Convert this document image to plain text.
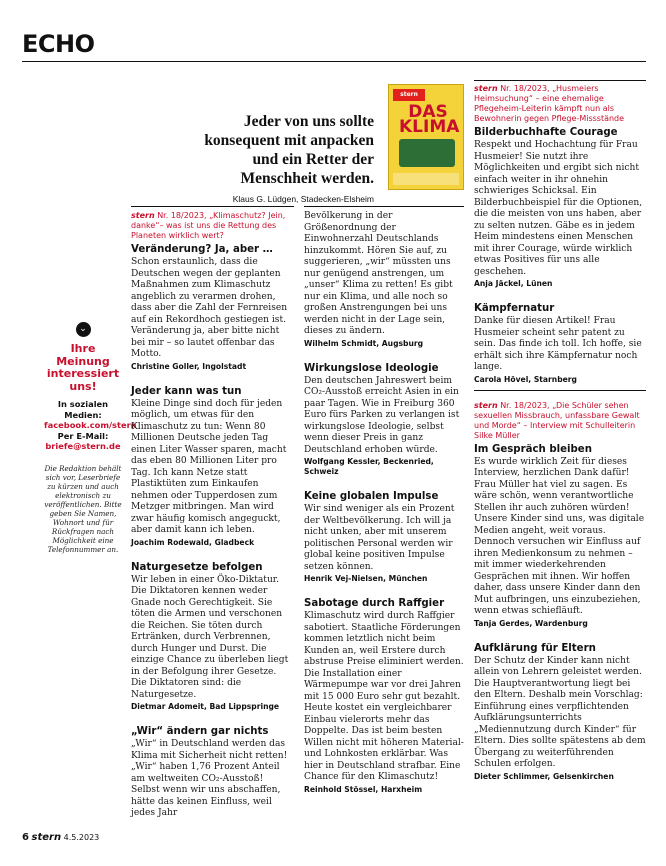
ECHO
Jeder von uns sollte konsequent mit anpacken und ein Retter der Menschheit werden.
Klaus G. Lüdgen, Stadecken-Elsheim
stern
DAS KLIMA
⌄
Ihre Meinung interessiert uns!
In sozialen Medien:
facebook.com/stern
Per E-Mail:
briefe@stern.de
Die Redaktion behält sich vor, Leserbriefe zu kürzen und auch elektronisch zu veröffentlichen. Bitte geben Sie Namen, Wohnort und für Rückfragen nach Möglichkeit eine Telefonnummer an.
stern Nr. 18/2023, „Klimaschutz? Jein, danke“– was ist uns die Rettung des Planeten wirklich wert?
Veränderung? Ja, aber …

Schon erstaunlich, dass die Deutschen wegen der geplanten Maßnahmen zum Klimaschutz angeblich zu verarmen drohen, dass aber die Zahl der Fernreisen auf ein Rekordhoch gestiegen ist. Veränderung ja, aber bitte nicht bei mir – so lautet offenbar das Motto.

Christine Goller, Ingolstadt
Jeder kann was tun

Kleine Dinge sind doch für jeden möglich, um etwas für den Klimaschutz zu tun: Wenn 80 Millionen Deutsche jeden Tag einen Liter Wasser sparen, macht das eben 80 Millionen Liter pro Tag. Ich kann Netze statt Plastiktüten zum Einkaufen nehmen oder Tupperdosen zum Metzger mitbringen. Man wird zwar häufig komisch angeguckt, aber damit kann ich leben.

Joachim Rodewald, Gladbeck
Naturgesetze befolgen

Wir leben in einer Öko-Diktatur. Die Diktatoren kennen weder Gnade noch Gerechtigkeit. Sie töten die Armen und verschonen die Reichen. Sie töten durch Ertränken, durch Verbrennen, durch Hunger und Durst. Die einzige Chance zu überleben liegt in der Befolgung ihrer Gesetze. Die Diktatoren sind: die Naturgesetze.

Dietmar Adomeit, Bad Lippspringe
„Wir“ ändern gar nichts

„Wir“ in Deutschland werden das Klima mit Sicherheit nicht retten! „Wir“ haben 1,76 Prozent Anteil am weltweiten CO₂-Ausstoß! Selbst wenn wir uns abschaffen, hätte das keinen Einfluss, weil jedes Jahr

Bevölkerung in der Größenordnung der Einwohnerzahl Deutschlands hinzukommt. Hören Sie auf, zu suggerieren, „wir“ müssten uns nur genügend anstrengen, um „unser“ Klima zu retten! Es gibt nur ein Klima, und alle noch so großen Anstrengungen bei uns werden nicht in der Lage sein, dieses zu ändern.

Wilhelm Schmidt, Augsburg
Wirkungslose Ideologie

Den deutschen Jahreswert beim CO₂-Ausstoß erreicht Asien in ein paar Tagen. Wie in Freiburg 360 Euro fürs Parken zu verlangen ist wirkungslose Ideologie, selbst wenn dieser Preis in ganz Deutschland erhoben würde.

Wolfgang Kessler, Beckenried, Schweiz
Keine globalen Impulse

Wir sind weniger als ein Prozent der Weltbevölkerung. Ich will ja nicht unken, aber mit unserem politischen Personal werden wir global keine positiven Impulse setzen können.

Henrik Vej-Nielsen, München
Sabotage durch Raffgier

Klimaschutz wird durch Raffgier sabotiert. Staatliche Förderungen kommen letztlich nicht beim Kunden an, weil Erstere durch abstruse Preise eliminiert werden. Die Installation einer Wärmepumpe war vor drei Jahren mit 15 000 Euro sehr gut bezahlt. Heute kostet ein vergleichbarer Einbau vielerorts mehr das Doppelte. Das ist beim besten Willen nicht mit höheren Material- und Lohnkosten erklärbar. Was hier in Deutschland strafbar. Eine Chance für den Klimaschutz!

Reinhold Stössel, Harxheim
stern Nr. 18/2023, „Husmeiers Heimsuchung“ – eine ehemalige Pflegeheim-Leiterin kämpft nun als Bewohnerin gegen Pflege-Missstände
Bilderbuchhafte Courage

Respekt und Hochachtung für Frau Husmeier! Sie nutzt ihre Möglichkeiten und ergibt sich nicht einfach weiter in ihr ohnehin schwieriges Schicksal. Ein Bilderbuchbeispiel für die Optionen, die die meisten von uns haben, aber zu selten nutzen. Gäbe es in jedem Heim mindestens einen Menschen mit ihrer Courage, würde wirklich etwas Positives für uns alle geschehen.

Anja Jäckel, Lünen
Kämpfernatur

Danke für diesen Artikel! Frau Husmeier scheint sehr patent zu sein. Das finde ich toll. Ich hoffe, sie erhält sich ihre Kämpfernatur noch lange.

Carola Hövel, Starnberg
stern Nr. 18/2023, „Die Schüler sehen sexuellen Missbrauch, unfassbare Gewalt und Morde“ – Interview mit Schulleiterin Silke Müller
Im Gespräch bleiben

Es wurde wirklich Zeit für dieses Interview, herzlichen Dank dafür! Frau Müller hat viel zu sagen. Es wäre schön, wenn verantwortliche Stellen ihr auch zuhören würden! Unsere Kinder sind uns, was digitale Medien angeht, weit voraus. Dennoch versuchen wir Einfluss auf ihren Medienkonsum zu nehmen – mit immer wiederkehrenden Gesprächen mit ihnen. Wir hoffen daher, dass unsere Kinder dann den Mut aufbringen, uns einzubeziehen, wenn etwas schiefläuft.

Tanja Gerdes, Wardenburg
Aufklärung für Eltern

Der Schutz der Kinder kann nicht allein von Lehrern geleistet werden. Die Hauptverantwortung liegt bei den Eltern. Deshalb mein Vorschlag: Einführung eines verpflichtenden Aufklärungsunterrichts „Mediennutzung durch Kinder“ für Eltern. Dies sollte spätestens ab dem Übergang zu weiterführenden Schulen erfolgen.

Dieter Schlimmer, Gelsenkirchen
6 stern 4.5.2023
